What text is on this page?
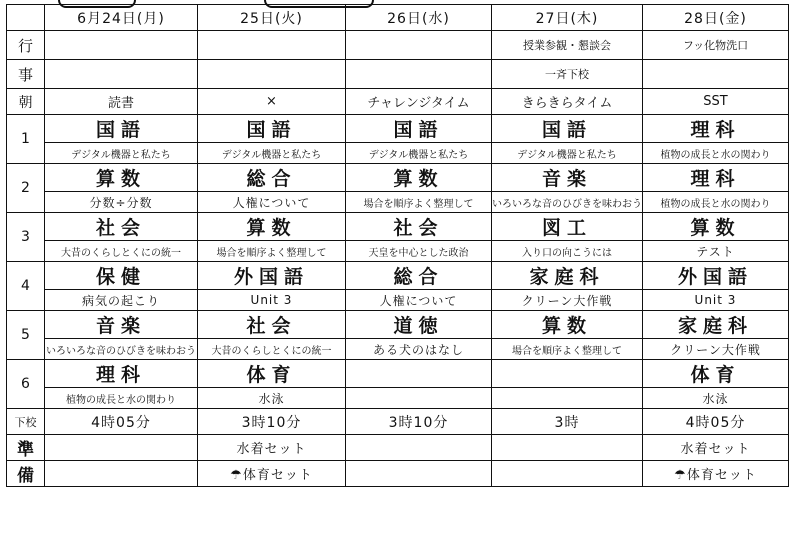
	6月24日(月)	25日(火)	26日(水)	27日(木)	28日(金)
行				授業参観・懇談会	フッ化物洗口
事				一斉下校	
朝	読書	×	チャレンジタイム	きらきらタイム	SST
1	国語	国語	国語	国語	理科
	デジタル機器と私たち	デジタル機器と私たち	デジタル機器と私たち	デジタル機器と私たち	植物の成長と水の関わり
2	算数	総合	算数	音楽	理科
	分数÷分数	人権について	場合を順序よく整理して	いろいろな音のひびきを味わおう	植物の成長と水の関わり
3	社会	算数	社会	図工	算数
	大昔のくらしとくにの統一	場合を順序よく整理して	天皇を中心とした政治	入り口の向こうには	テスト
4	保健	外国語	総合	家庭科	外国語
	病気の起こり	Unit 3	人権について	クリーン大作戦	Unit 3
5	音楽	社会	道徳	算数	家庭科
	いろいろな音のひびきを味わおう	大昔のくらしとくにの統一	ある犬のはなし	場合を順序よく整理して	クリーン大作戦
6	理科	体育			体育
	植物の成長と水の関わり	水泳			水泳
下校	4時05分	3時10分	3時10分	3時	4時05分
準		水着セット			水着セット
備		☂体育セット			☂体育セット
